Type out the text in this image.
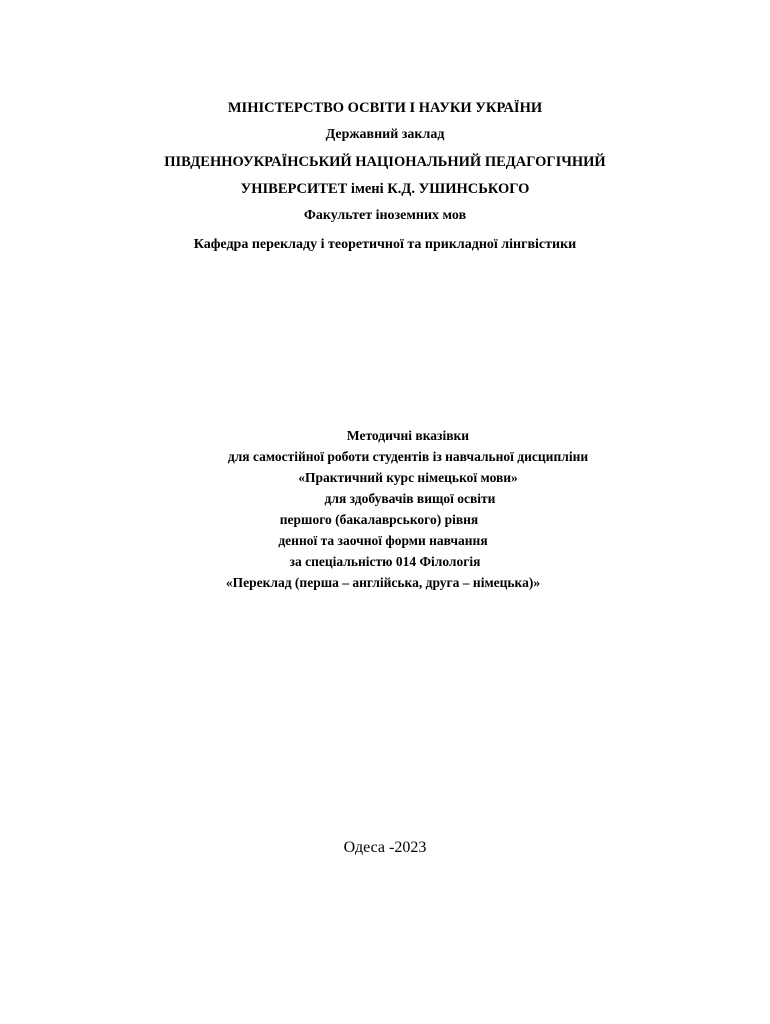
МІНІСТЕРСТВО ОСВІТИ І НАУКИ УКРАЇНИ
Державний заклад
ПІВДЕННОУКРАЇНСЬКИЙ НАЦІОНАЛЬНИЙ ПЕДАГОГІЧНИЙ
УНІВЕРСИТЕТ імені К.Д. УШИНСЬКОГО
Факультет іноземних мов
Кафедра перекладу і теоретичної та прикладної лінгвістики
Методичні вказівки
для самостійної роботи студентів із навчальної дисципліни
«Практичний курс німецької мови»
для здобувачів вищої освіти
першого (бакалаврського) рівня
денної та заочної форми навчання
за спеціальністю 014 Філологія
«Переклад (перша – англійська, друга – німецька)»
Одеса -2023
